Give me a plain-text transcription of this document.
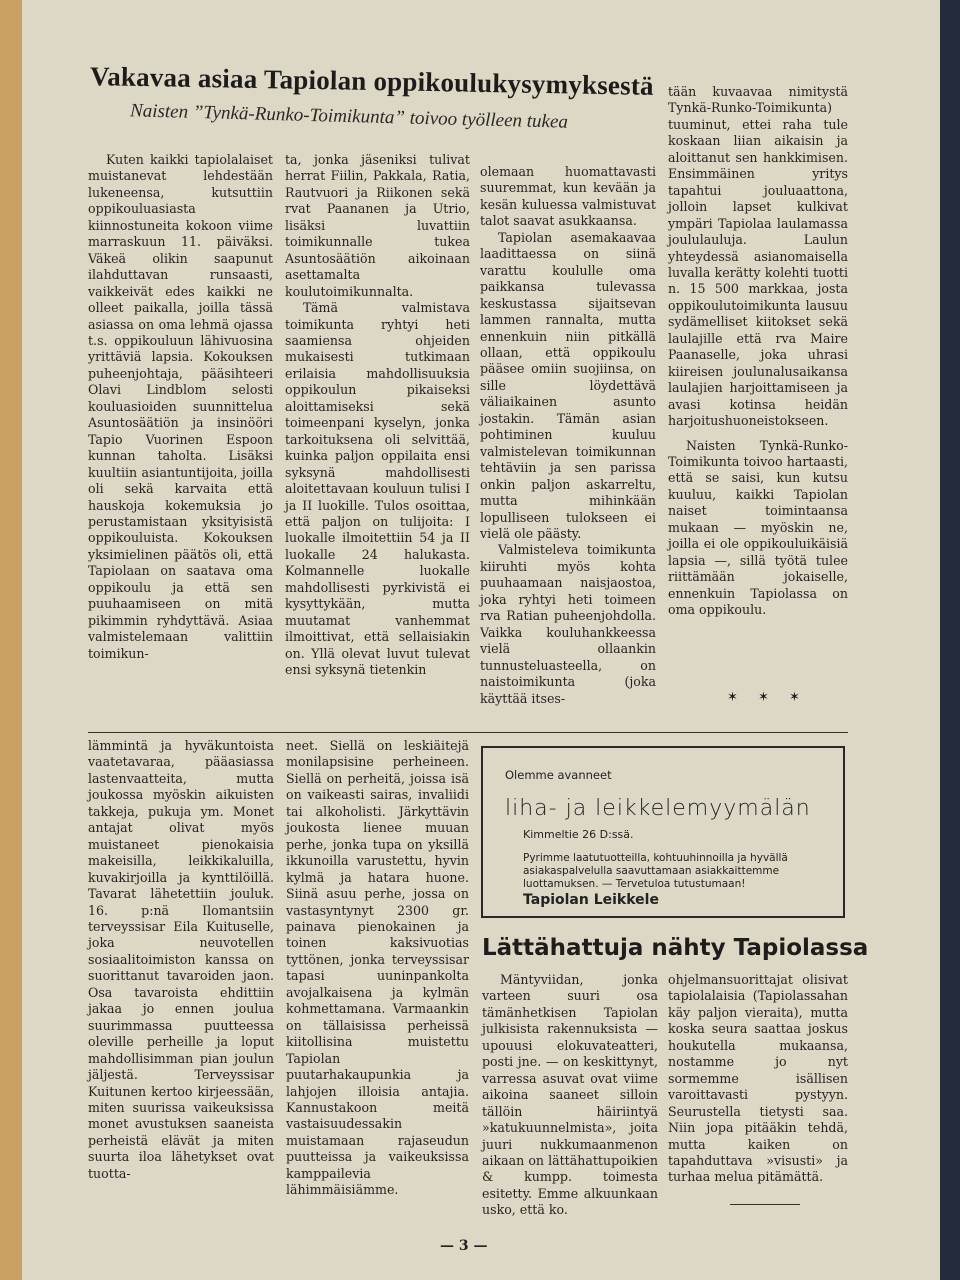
Vakavaa asiaa Tapiolan oppikoulukysymyksestä
Naisten ”Tynkä-Runko-Toimikunta” toivoo työlleen tukea

Kuten kaikki tapiolalaiset muistanevat lehdestään lukeneensa, kutsuttiin oppikouluasiasta kiinnostuneita kokoon viime marraskuun 11. päiväksi. Väkeä olikin saapunut ilahduttavan runsaasti, vaikkeivät edes kaikki ne olleet paikalla, joilla tässä asiassa on oma lehmä ojassa t.s. oppikouluun lähivuosina yrittäviä lapsia. Kokouksen puheenjohtaja, pääsihteeri Olavi Lindblom selosti kouluasioiden suunnittelua Asuntosäätiön ja insinööri Tapio Vuorinen Espoon kunnan taholta. Lisäksi kuultiin asiantuntijoita, joilla oli sekä karvaita että hauskoja kokemuksia jo perustamistaan yksityisistä oppikouluista. Kokouksen yksimielinen päätös oli, että Tapiolaan on saatava oma oppikoulu ja että sen puuhaamiseen on mitä pikimmin ryhdyttävä. Asiaa valmistelemaan valittiin toimikun-

ta, jonka jäseniksi tulivat herrat Fiilin, Pakkala, Ratia, Rautvuori ja Riikonen sekä rvat Paananen ja Utrio, lisäksi luvattiin toimikunnalle tukea Asuntosäätiön aikoinaan asettamalta koulutoimikunnalta.

Tämä valmistava toimikunta ryhtyi heti saamiensa ohjeiden mukaisesti tutkimaan erilaisia mahdollisuuksia oppikoulun pikaiseksi aloittamiseksi sekä toimeenpani kyselyn, jonka tarkoituksena oli selvittää, kuinka paljon oppilaita ensi syksynä mahdollisesti aloitettavaan kouluun tulisi I ja II luokille. Tulos osoittaa, että paljon on tulijoita: I luokalle ilmoitettiin 54 ja II luokalle 24 halukasta. Kolmannelle luokalle mahdollisesti pyrkivistä ei kysyttykään, mutta muutamat vanhemmat ilmoittivat, että sellaisiakin on. Yllä olevat luvut tulevat ensi syksynä tietenkin

olemaan huomattavasti suuremmat, kun kevään ja kesän kuluessa valmistuvat talot saavat asukkaansa.

Tapiolan asemakaavaa laadittaessa on siinä varattu koululle oma paikkansa tulevassa keskustassa sijaitsevan lammen rannalta, mutta ennenkuin niin pitkällä ollaan, että oppikoulu pääsee omiin suojiinsa, on sille löydettävä väliaikainen asunto jostakin. Tämän asian pohtiminen kuuluu valmistelevan toimikunnan tehtäviin ja sen parissa onkin paljon askarreltu, mutta mihinkään lopulliseen tulokseen ei vielä ole päästy.

Valmisteleva toimikunta kiiruhti myös kohta puuhaamaan naisjaostoa, joka ryhtyi heti toimeen rva Ratian puheenjohdolla. Vaikka kouluhankkeessa vielä ollaankin tunnusteluasteella, on naistoimikunta (joka käyttää itses-

tään kuvaavaa nimitystä Tynkä-Runko-Toimikunta) tuuminut, ettei raha tule koskaan liian aikaisin ja aloittanut sen hankkimisen. Ensimmäinen yritys tapahtui jouluaattona, jolloin lapset kulkivat ympäri Tapiolaa laulamassa joululauluja. Laulun yhteydessä asianomaisella luvalla kerätty kolehti tuotti n. 15 500 markkaa, josta oppikoulutoimikunta lausuu sydämelliset kiitokset sekä laulajille että rva Maire Paanaselle, joka uhrasi kiireisen joulunalusaikansa laulajien harjoittamiseen ja avasi kotinsa heidän harjoitushuoneistokseen.

Naisten Tynkä-Runko-Toimikunta toivoo hartaasti, että se saisi, kun kutsu kuuluu, kaikki Tapiolan naiset toimintaansa mukaan — myöskin ne, joilla ei ole oppikouluikäisiä lapsia —, sillä työtä tulee riittämään jokaiselle, ennenkuin Tapiolassa on oma oppikoulu.

✶ ✶ ✶

lämmintä ja hyväkuntoista vaatetavaraa, pääasiassa lastenvaatteita, mutta joukossa myöskin aikuisten takkeja, pukuja ym. Monet antajat olivat myös muistaneet pienokaisia makeisilla, leikkikaluilla, kuvakirjoilla ja kynttilöillä. Tavarat lähetettiin jouluk. 16. p:nä Ilomantsiin terveyssisar Eila Kuituselle, joka neuvotellen sosiaalitoimiston kanssa on suorittanut tavaroiden jaon. Osa tavaroista ehdittiin jakaa jo ennen joulua suurimmassa puutteessa oleville perheille ja loput mahdollisimman pian joulun jäljestä. Terveyssisar Kuitunen kertoo kirjeessään, miten suurissa vaikeuksissa monet avustuksen saaneista perheistä elävät ja miten suurta iloa lähetykset ovat tuotta-

neet. Siellä on leskiäitejä monilapsisine perheineen. Siellä on perheitä, joissa isä on vaikeasti sairas, invaliidi tai alkoholisti. Järkyttävin joukosta lienee muuan perhe, jonka tupa on yksillä ikkunoilla varustettu, hyvin kylmä ja hatara huone. Siinä asuu perhe, jossa on vastasyntynyt 2300 gr. painava pienokainen ja toinen kaksivuotias tyttönen, jonka terveyssisar tapasi uuninpankolta avojalkaisena ja kylmän kohmettamana. Varmaankin on tällaisissa perheissä kiitollisina muistettu Tapiolan puutarhakaupunkia ja lahjojen illoisia antajia. Kannustakoon meitä vastaisuudessakin muistamaan rajaseudun puutteissa ja vaikeuksissa kamppailevia lähimmäisiämme.

Olemme avanneet
liha- ja leikkelemyymälän
Kimmeltie 26 D:ssä.
Pyrimme laatutuotteilla, kohtuuhinnoilla ja hyvällä asiakaspalvelulla saavuttamaan asiakkaittemme luottamuksen. — Tervetuloa tutustumaan!
Tapiolan Leikkele
Lättähattuja nähty Tapiolassa

Mäntyviidan, jonka varteen suuri osa tämänhetkisen Tapiolan julkisista rakennuksista — upouusi elokuvateatteri, posti jne. — on keskittynyt, varressa asuvat ovat viime aikoina saaneet silloin tällöin häiriintyä »katukuunnelmista», joita juuri nukkumaanmenon aikaan on lättähattupoikien & kumpp. toimesta esitetty. Emme alkuunkaan usko, että ko.

ohjelmansuorittajat olisivat tapiolalaisia (Tapiolassahan käy paljon vieraita), mutta koska seura saattaa joskus houkutella mukaansa, nostamme jo nyt sormemme isällisen varoittavasti pystyyn. Seurustella tietysti saa. Niin jopa pitääkin tehdä, mutta kaiken on tapahduttava »visusti» ja turhaa melua pitämättä.

— 3 —
